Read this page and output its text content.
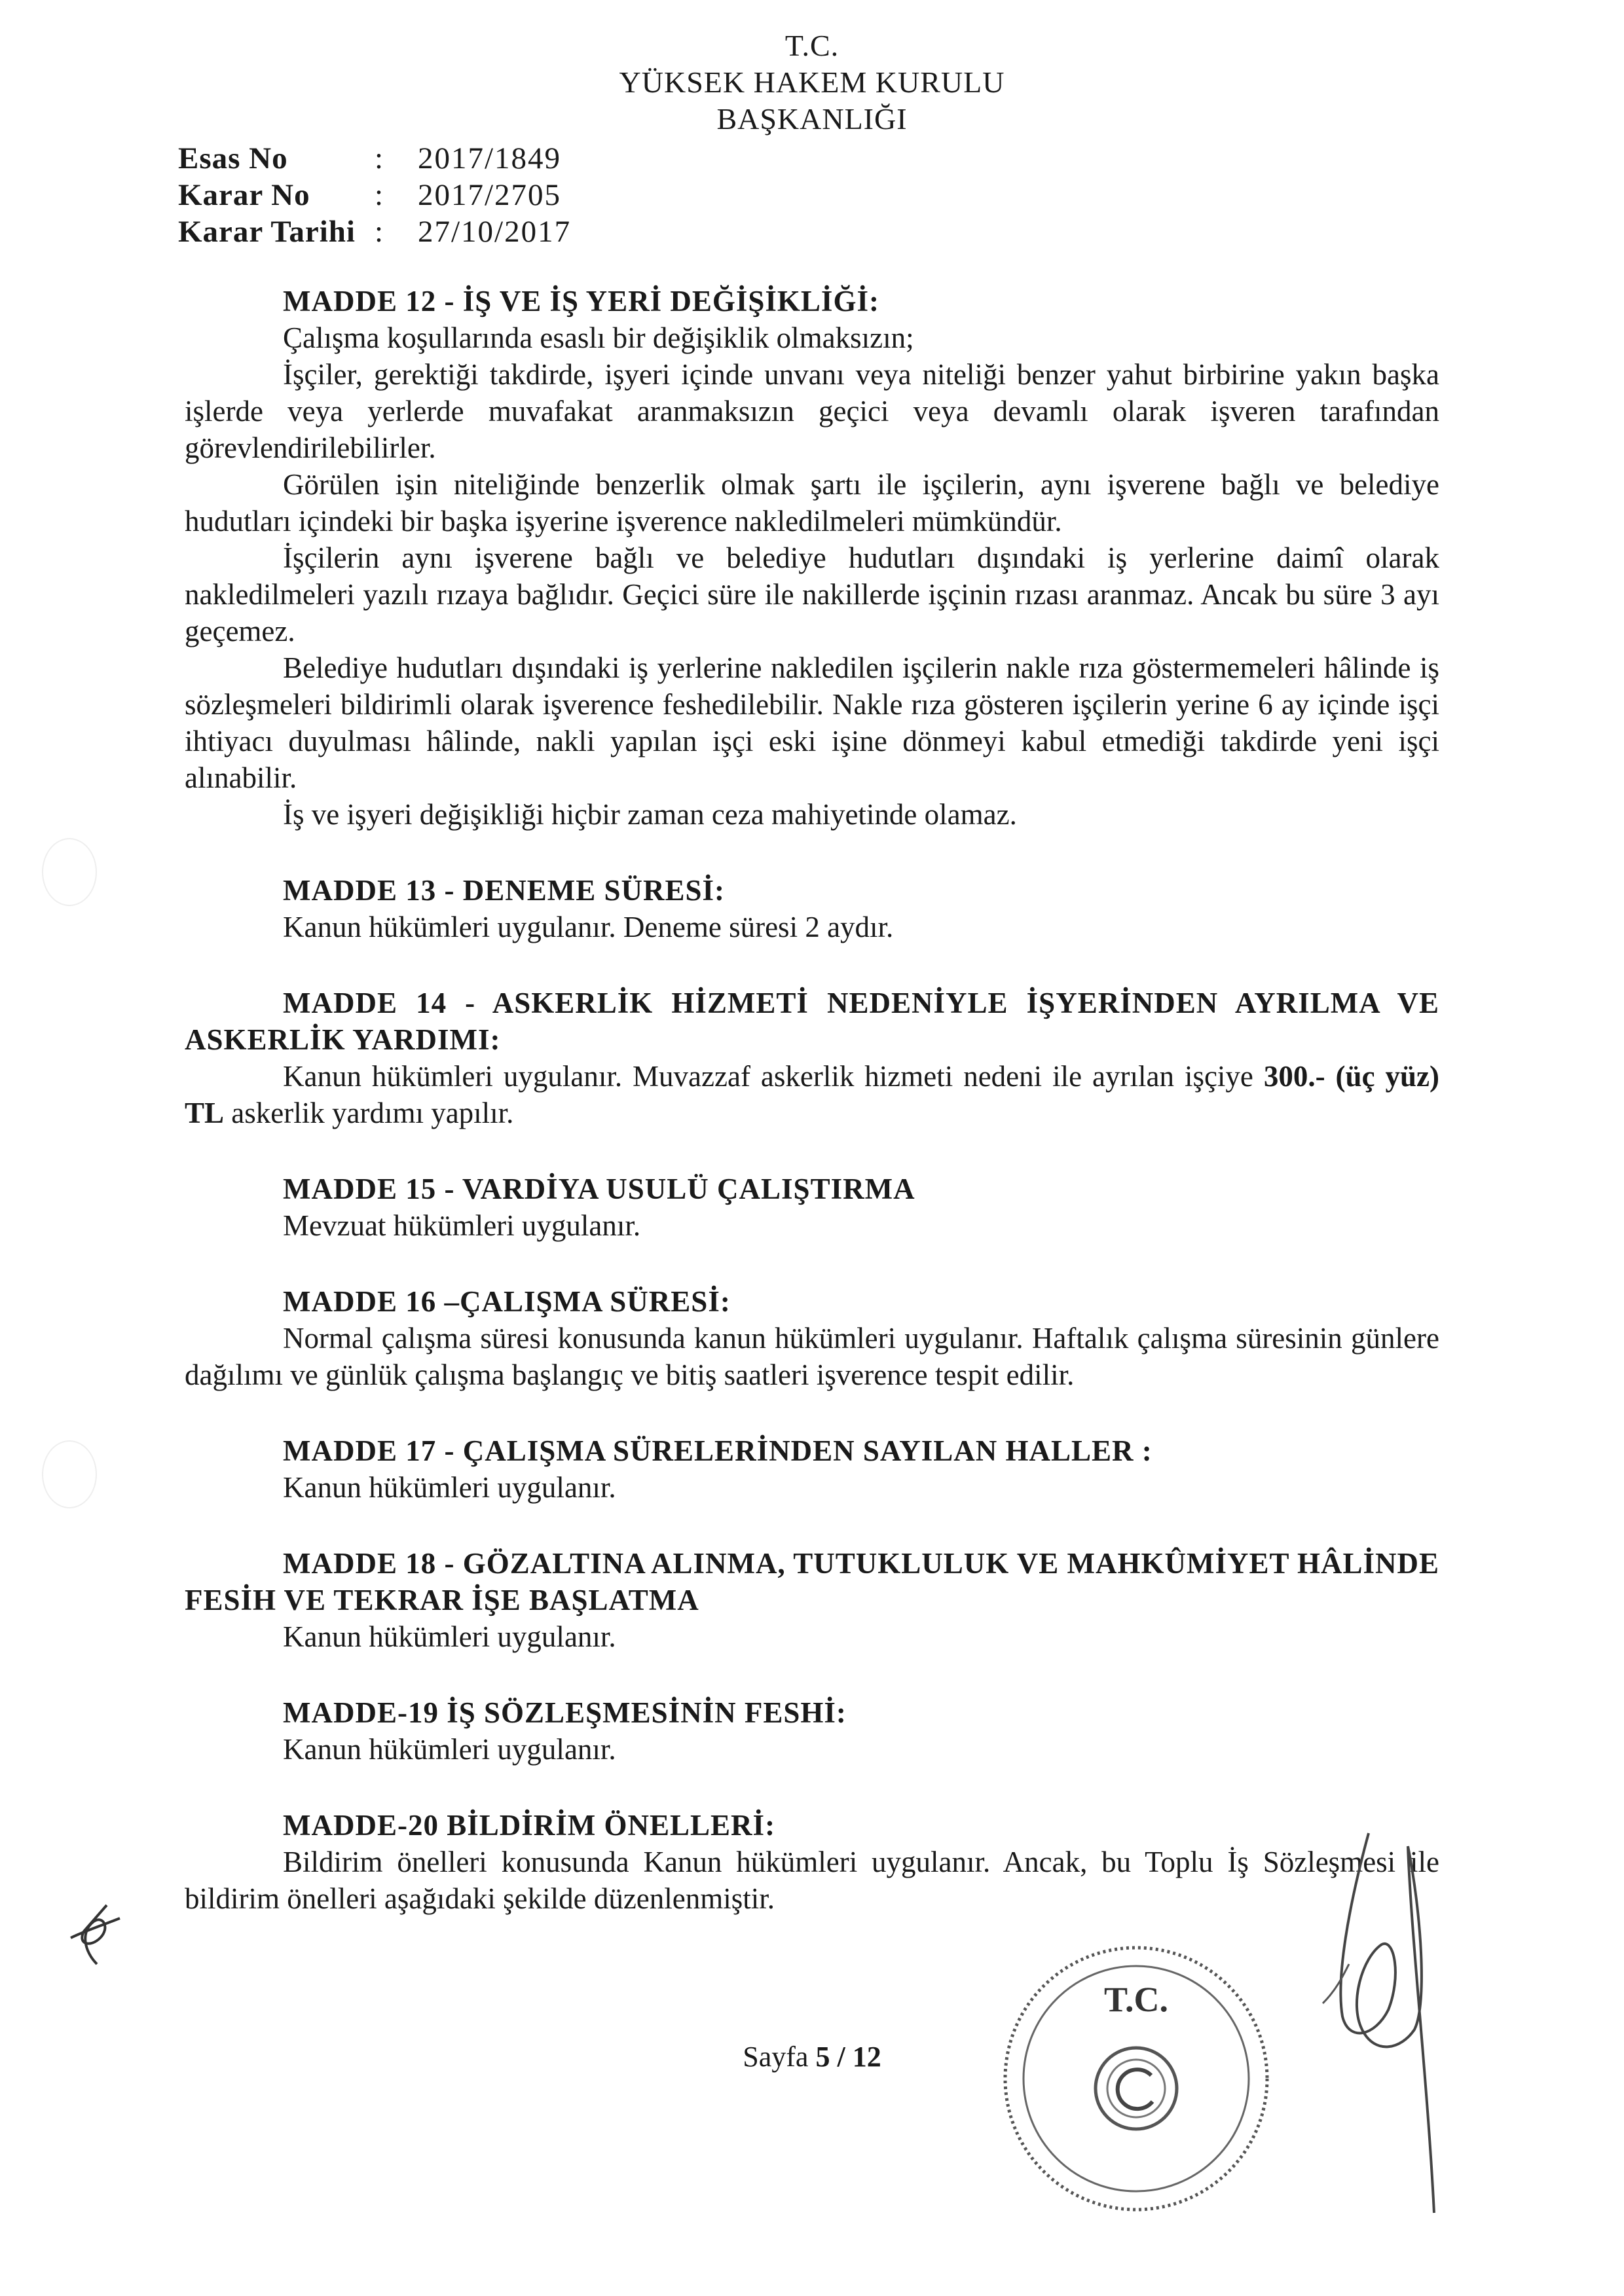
T.C.
YÜKSEK HAKEM KURULU
BAŞKANLIĞI
Esas No	:	2017/1849
Karar No	:	2017/2705
Karar Tarihi :	27/10/2017
MADDE 12 - İŞ VE İŞ YERİ DEĞİŞİKLİĞİ:

Çalışma koşullarında esaslı bir değişiklik olmaksızın;

İşçiler, gerektiği takdirde, işyeri içinde unvanı veya niteliği benzer yahut birbirine yakın başka işlerde veya yerlerde muvafakat aranmaksızın geçici veya devamlı olarak işveren tarafından görevlendirilebilirler.

Görülen işin niteliğinde benzerlik olmak şartı ile işçilerin, aynı işverene bağlı ve belediye hudutları içindeki bir başka işyerine işverence nakledilmeleri mümkündür.

İşçilerin aynı işverene bağlı ve belediye hudutları dışındaki iş yerlerine daimî olarak nakledilmeleri yazılı rızaya bağlıdır. Geçici süre ile nakillerde işçinin rızası aranmaz. Ancak bu süre 3 ayı geçemez.

Belediye hudutları dışındaki iş yerlerine nakledilen işçilerin nakle rıza göstermemeleri hâlinde iş sözleşmeleri bildirimli olarak işverence feshedilebilir. Nakle rıza gösteren işçilerin yerine 6 ay içinde işçi ihtiyacı duyulması hâlinde, nakli yapılan işçi eski işine dönmeyi kabul etmediği takdirde yeni işçi alınabilir.

İş ve işyeri değişikliği hiçbir zaman ceza mahiyetinde olamaz.

MADDE 13 - DENEME SÜRESİ:

Kanun hükümleri uygulanır. Deneme süresi 2 aydır.

MADDE 14 - ASKERLİK HİZMETİ NEDENİYLE İŞYERİNDEN AYRILMA VE ASKERLİK YARDIMI:

Kanun hükümleri uygulanır. Muvazzaf askerlik hizmeti nedeni ile ayrılan işçiye 300.- (üç yüz) TL askerlik yardımı yapılır.

MADDE 15 - VARDİYA USULÜ ÇALIŞTIRMA

Mevzuat hükümleri uygulanır.

MADDE 16 –ÇALIŞMA SÜRESİ:

Normal çalışma süresi konusunda kanun hükümleri uygulanır. Haftalık çalışma süresinin günlere dağılımı ve günlük çalışma başlangıç ve bitiş saatleri işverence tespit edilir.

MADDE 17 - ÇALIŞMA SÜRELERİNDEN SAYILAN HALLER :

Kanun hükümleri uygulanır.

MADDE 18 - GÖZALTINA ALINMA, TUTUKLULUK VE MAHKÛMİYET HÂLİNDE FESİH VE TEKRAR İŞE BAŞLATMA

Kanun hükümleri uygulanır.

MADDE-19 İŞ SÖZLEŞMESİNİN FESHİ:

Kanun hükümleri uygulanır.

MADDE-20 BİLDİRİM ÖNELLERİ:

Bildirim önelleri konusunda Kanun hükümleri uygulanır. Ancak, bu Toplu İş Sözleşmesi ile bildirim önelleri aşağıdaki şekilde düzenlenmiştir.

Sayfa 5 / 12
T.C.
